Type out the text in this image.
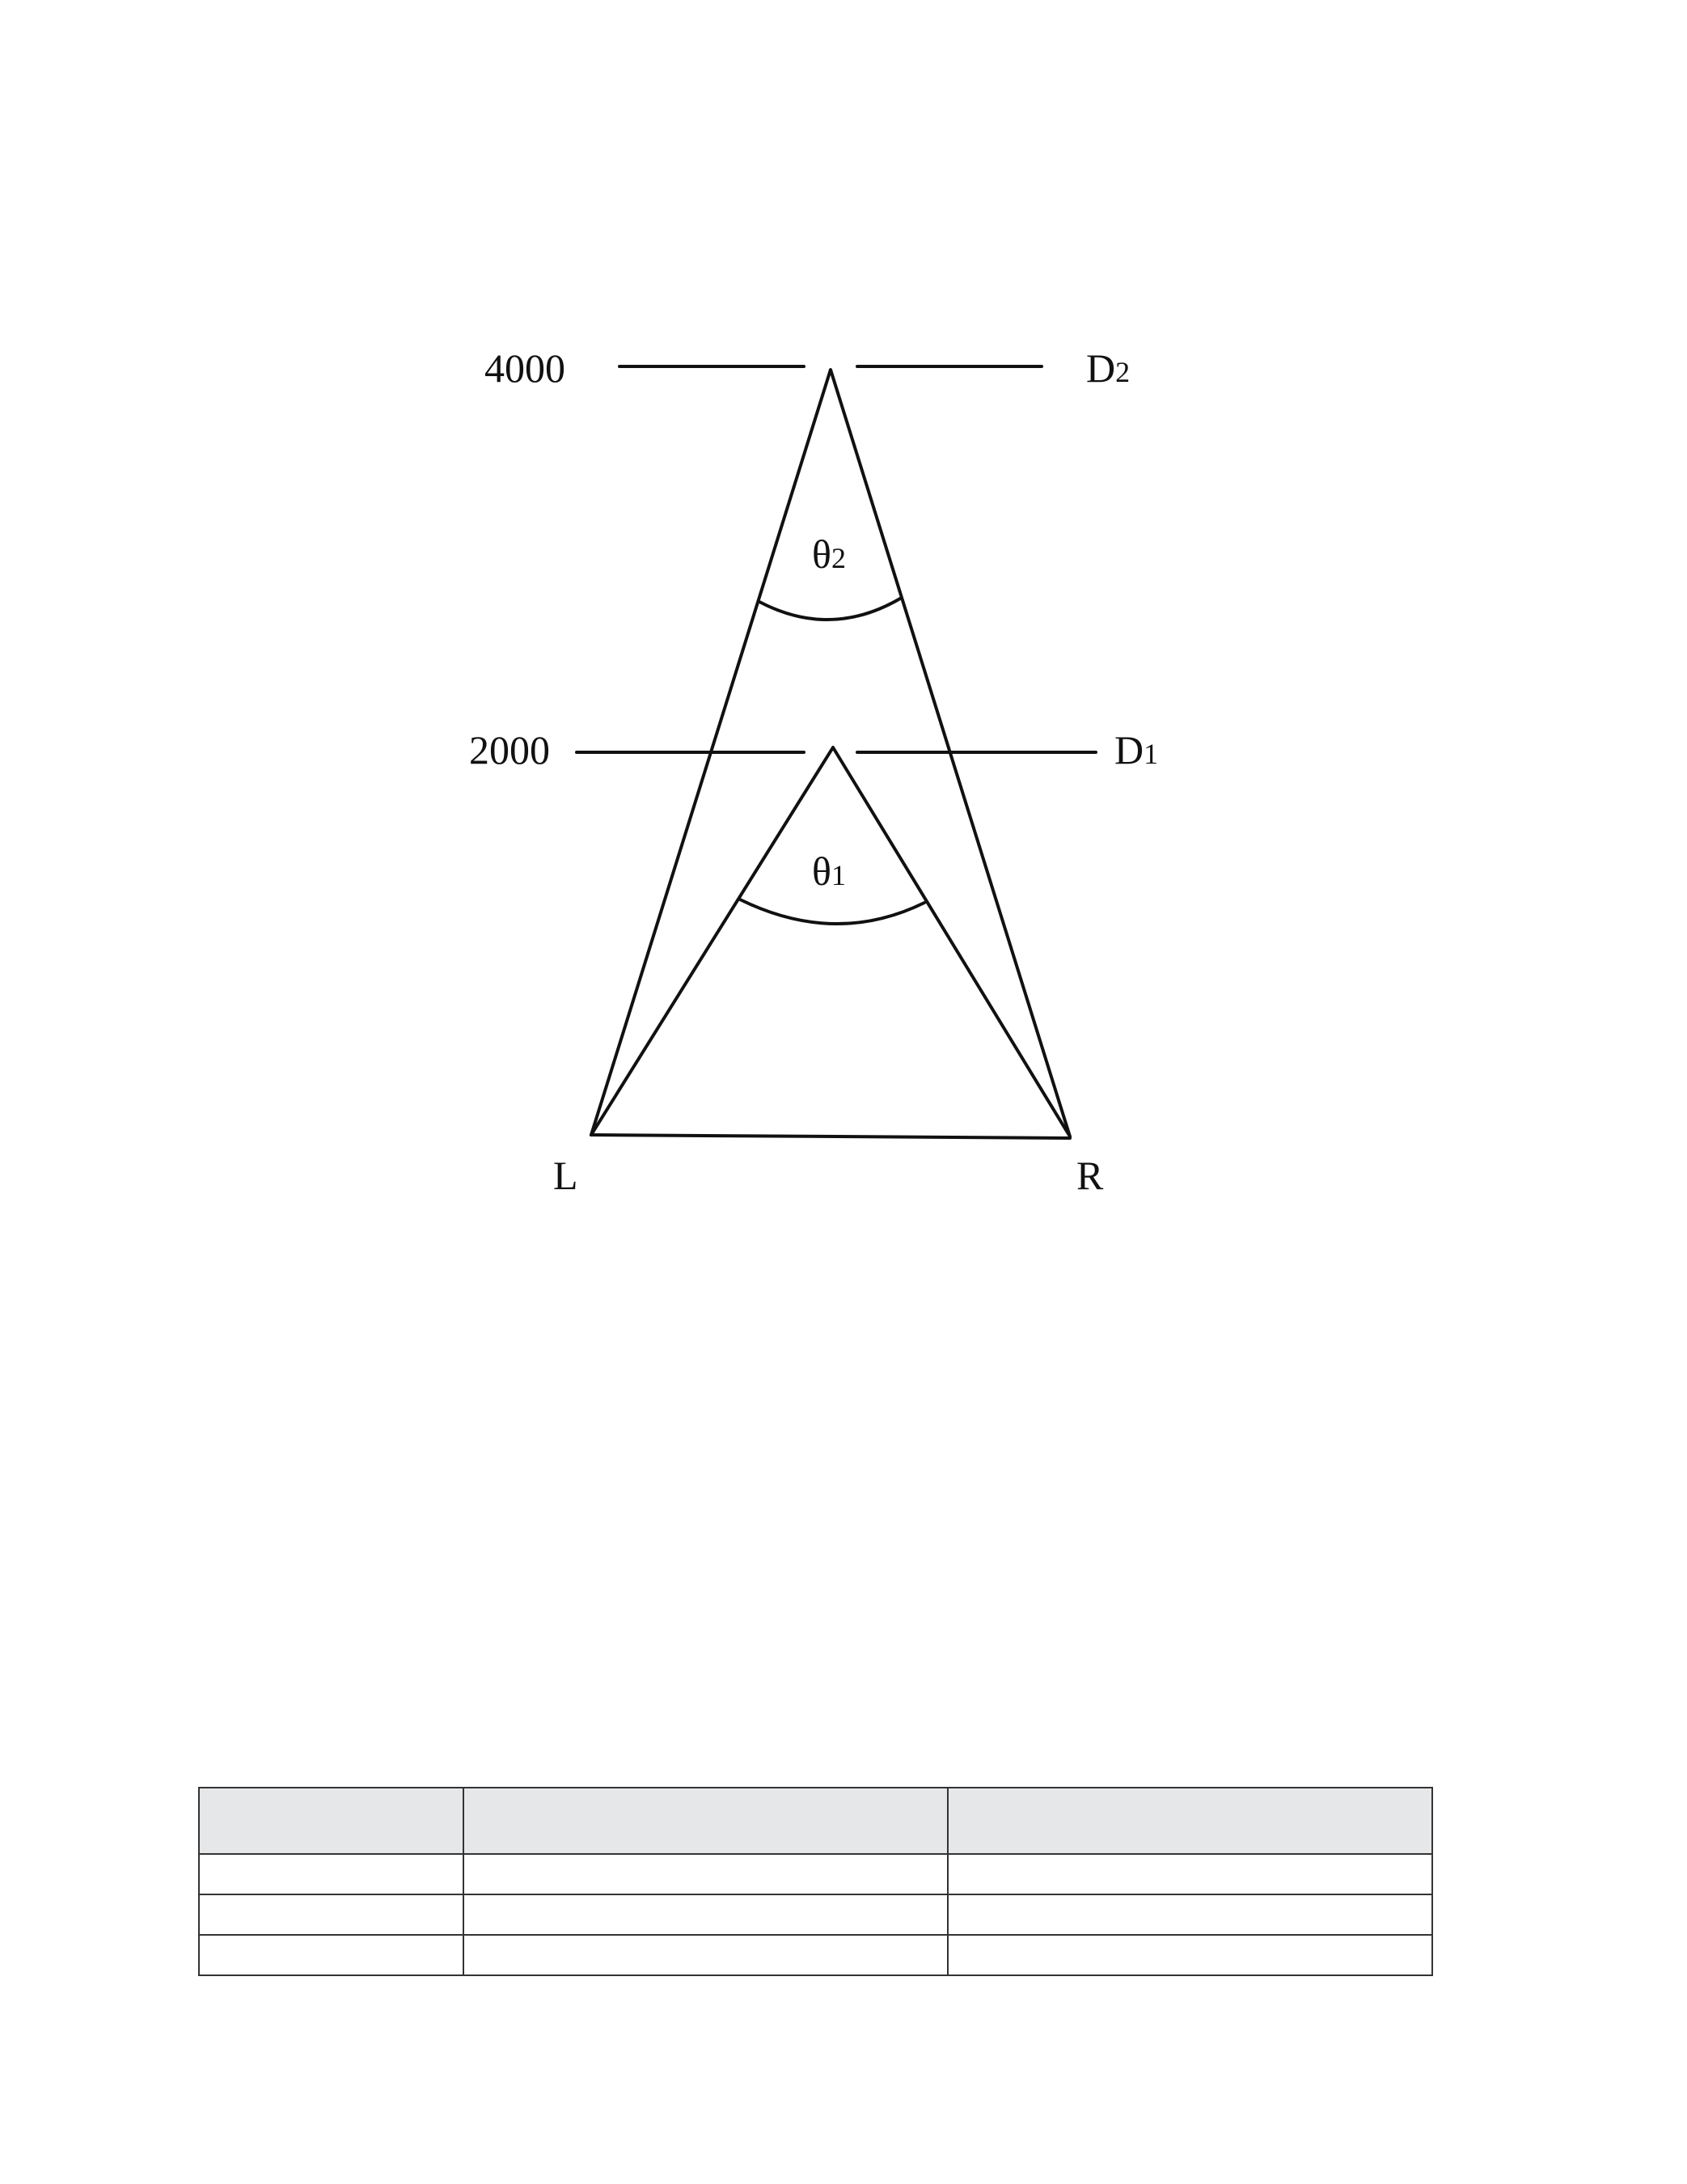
4000
2000
D2
D1
θ2
θ1
L	R
